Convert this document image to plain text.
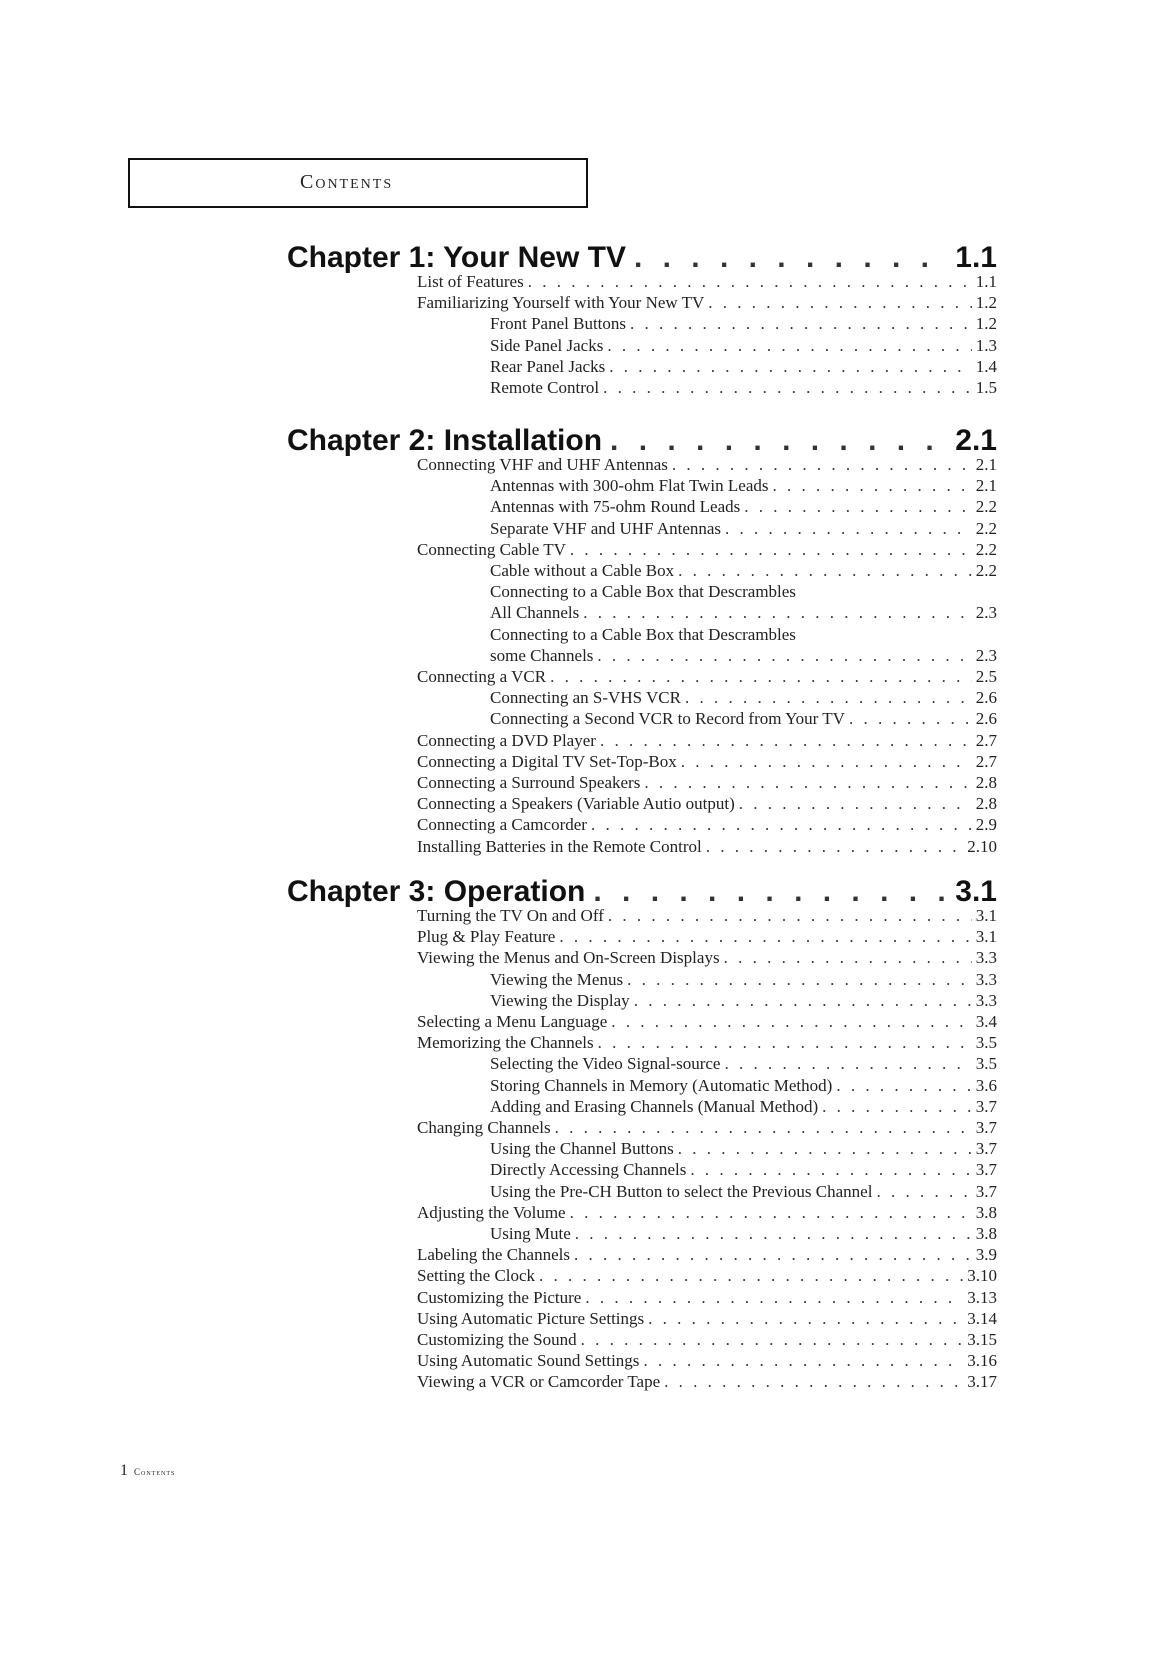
Contents
Chapter 1: Your New TV . . .	1.1
List of Features . . .	1.1
Familiarizing Yourself with Your New TV . . .	1.2
Front Panel Buttons . . .	1.2
Side Panel Jacks . . .	1.3
Rear Panel Jacks . . .	1.4
Remote Control . . .	1.5
Chapter 2: Installation . . .	2.1
Connecting VHF and UHF Antennas . . .	2.1
Antennas with 300-ohm Flat Twin Leads . . .	2.1
Antennas with 75-ohm Round Leads . . .	2.2
Separate VHF and UHF Antennas . . .	2.2
Connecting Cable TV . . .	2.2
Cable without a Cable Box . . .	2.2
Connecting to a Cable Box that Descrambles
All Channels . . .	2.3
Connecting to a Cable Box that Descrambles
some Channels . . .	2.3
Connecting a VCR . . .	2.5
Connecting an S-VHS VCR . . .	2.6
Connecting a Second VCR to Record from Your TV . . .	2.6
Connecting a DVD Player . . .	2.7
Connecting a Digital TV Set-Top-Box . . .	2.7
Connecting a Surround Speakers . . .	2.8
Connecting a Speakers (Variable Autio output) . . .	2.8
Connecting a Camcorder . . .	2.9
Installing Batteries in the Remote Control . . .	2.10
Chapter 3: Operation . . .	3.1
Turning the TV On and Off . . .	3.1
Plug & Play Feature . . .	3.1
Viewing the Menus and On-Screen Displays . . .	3.3
Viewing the Menus . . .	3.3
Viewing the Display . . .	3.3
Selecting a Menu Language . . .	3.4
Memorizing the Channels . . .	3.5
Selecting the Video Signal-source . . .	3.5
Storing Channels in Memory (Automatic Method) . . .	3.6
Adding and Erasing Channels (Manual Method) . . .	3.7
Changing Channels . . .	3.7
Using the Channel Buttons . . .	3.7
Directly Accessing Channels . . .	3.7
Using the Pre-CH Button to select the Previous Channel . . .	3.7
Adjusting the Volume . . .	3.8
Using Mute . . .	3.8
Labeling the Channels . . .	3.9
Setting the Clock . . .	3.10
Customizing the Picture . . .	3.13
Using Automatic Picture Settings . . .	3.14
Customizing the Sound . . .	3.15
Using Automatic Sound Settings . . .	3.16
Viewing a VCR or Camcorder Tape . . .	3.17
1 Contents
